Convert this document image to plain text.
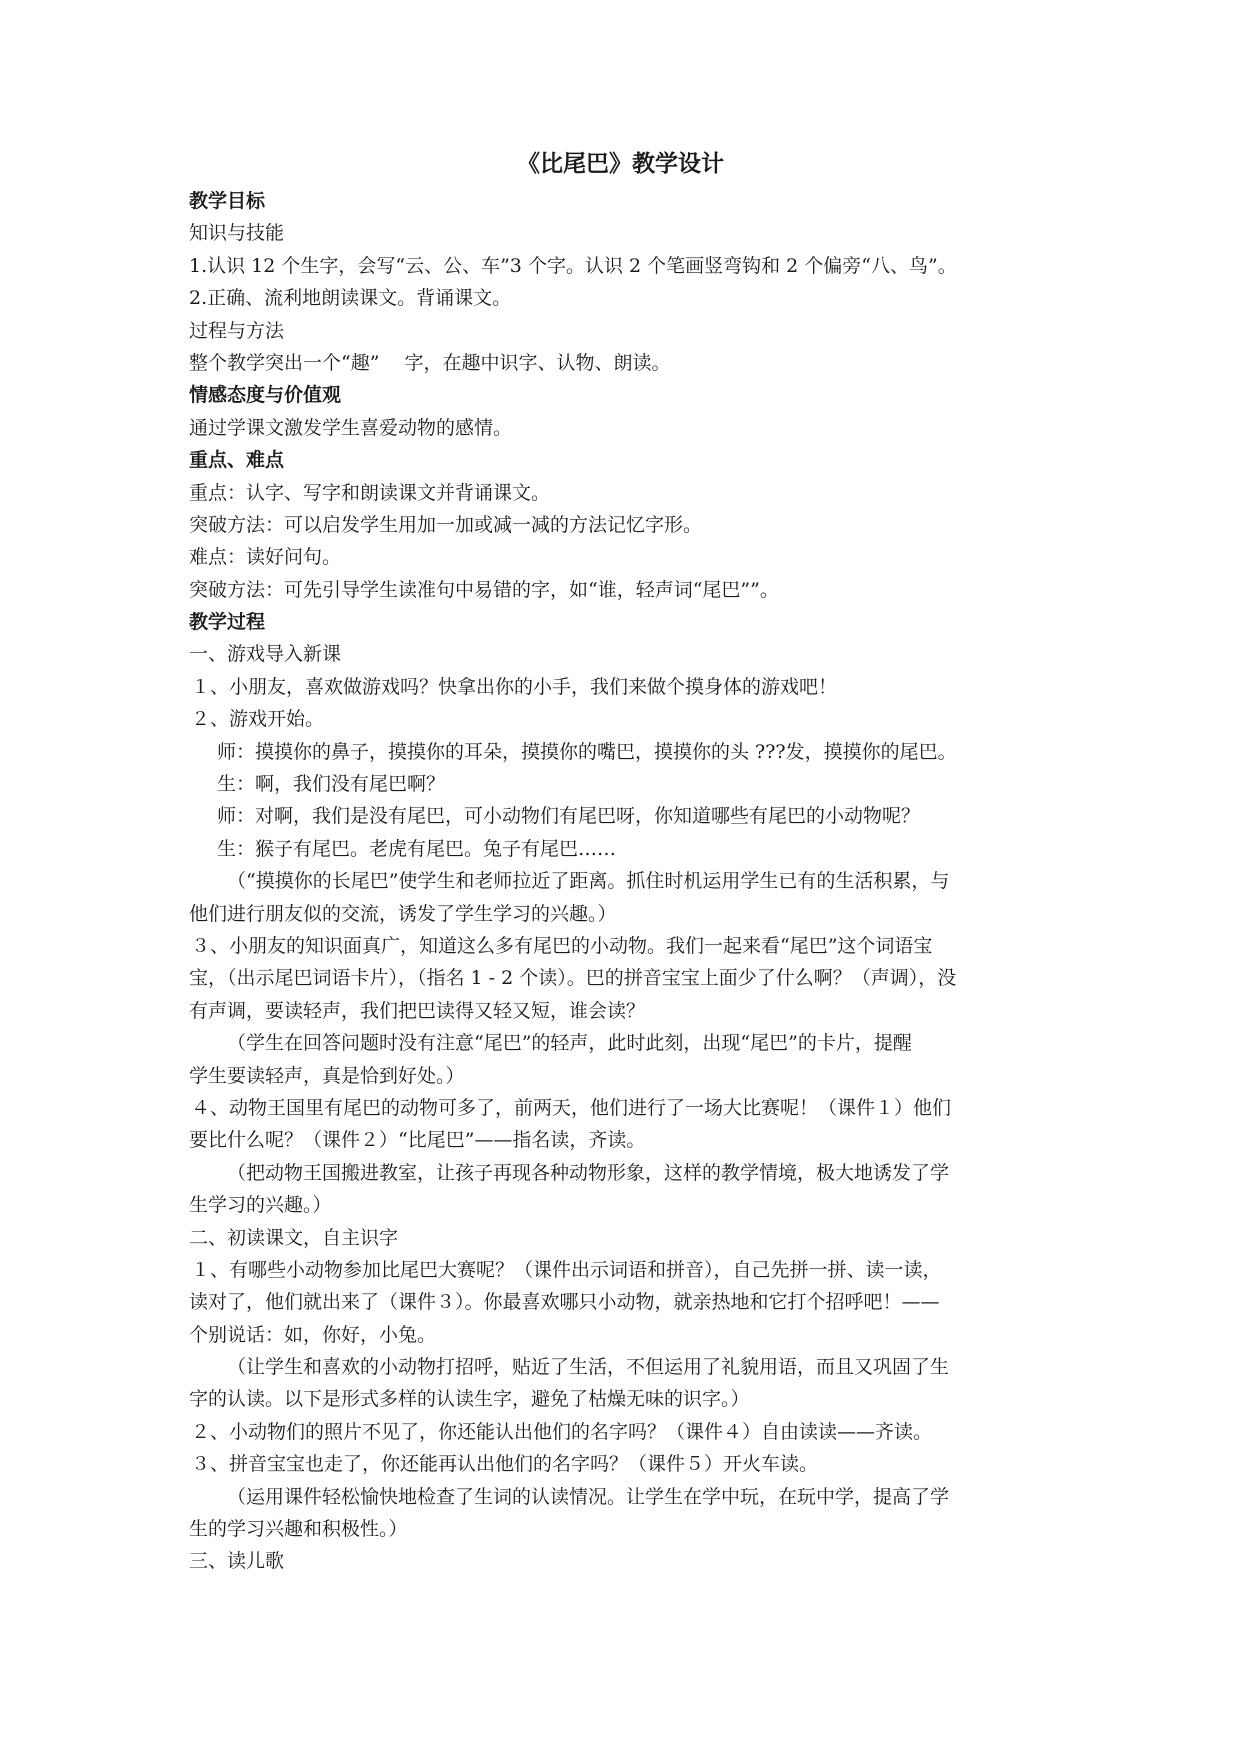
《比尾巴》教学设计
教学目标
知识与技能
1.认识 12 个生字，会写“云、公、车”3 个字。认识 2 个笔画竖弯钩和 2 个偏旁“八、鸟”。
2.正确、流利地朗读课文。背诵课文。
过程与方法
整个教学突出一个“趣”　 字，在趣中识字、认物、朗读。
情感态度与价值观
通过学课文激发学生喜爱动物的感情。
重点、难点
重点：认字、写字和朗读课文并背诵课文。
突破方法：可以启发学生用加一加或减一减的方法记忆字形。
难点：读好问句。
突破方法：可先引导学生读准句中易错的字，如“谁，轻声词“尾巴””。
教学过程
一、游戏导入新课
１、小朋友，喜欢做游戏吗？快拿出你的小手，我们来做个摸身体的游戏吧！
２、游戏开始。
师：摸摸你的鼻子，摸摸你的耳朵，摸摸你的嘴巴，摸摸你的头 ???发，摸摸你的尾巴。
生：啊，我们没有尾巴啊？
师：对啊，我们是没有尾巴，可小动物们有尾巴呀，你知道哪些有尾巴的小动物呢？
生：猴子有尾巴。老虎有尾巴。兔子有尾巴……
（“摸摸你的长尾巴”使学生和老师拉近了距离。抓住时机运用学生已有的生活积累，与
他们进行朋友似的交流，诱发了学生学习的兴趣。）
３、小朋友的知识面真广，知道这么多有尾巴的小动物。我们一起来看“尾巴”这个词语宝
宝，（出示尾巴词语卡片），（指名 1 - 2 个读）。巴的拼音宝宝上面少了什么啊？（声调），没
有声调，要读轻声，我们把巴读得又轻又短，谁会读？
（学生在回答问题时没有注意“尾巴”的轻声，此时此刻，出现“尾巴”的卡片，提醒
学生要读轻声，真是恰到好处。）
４、动物王国里有尾巴的动物可多了，前两天，他们进行了一场大比赛呢！（课件１）他们
要比什么呢？（课件２）“比尾巴”——指名读，齐读。
（把动物王国搬进教室，让孩子再现各种动物形象，这样的教学情境，极大地诱发了学
生学习的兴趣。）
二、初读课文，自主识字
１、有哪些小动物参加比尾巴大赛呢？（课件出示词语和拼音），自己先拼一拼、读一读，
读对了，他们就出来了（课件３）。你最喜欢哪只小动物，就亲热地和它打个招呼吧！——
个别说话：如，你好，小兔。
（让学生和喜欢的小动物打招呼，贴近了生活，不但运用了礼貌用语，而且又巩固了生
字的认读。以下是形式多样的认读生字，避免了枯燥无味的识字。）
２、小动物们的照片不见了，你还能认出他们的名字吗？（课件４）自由读读——齐读。
３、拼音宝宝也走了，你还能再认出他们的名字吗？（课件５）开火车读。
（运用课件轻松愉快地检查了生词的认读情况。让学生在学中玩，在玩中学，提高了学
生的学习兴趣和积极性。）
三、读儿歌
